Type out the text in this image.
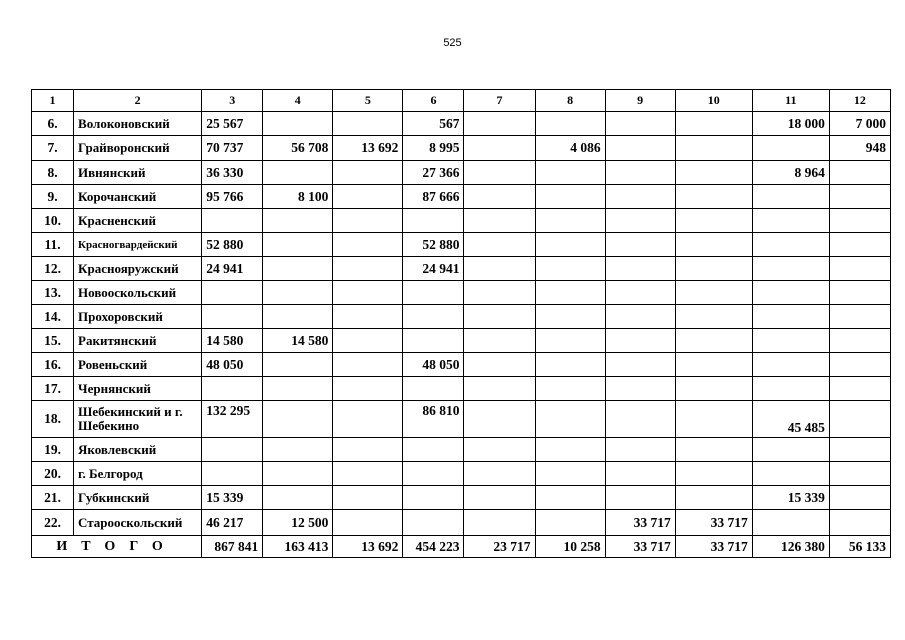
525
1	2	3	4	5	6	7	8	9	10	11	12
6.	Волоконовский	25 567			567					18 000	7 000
7.	Грайворонский	70 737	56 708	13 692	8 995		4 086				948
8.	Ивнянский	36 330			27 366					8 964	
9.	Корочанский	95 766	8 100		87 666						
10.	Красненский										
11.	Красногвардейский	52 880			52 880						
12.	Краснояружский	24 941			24 941						
13.	Новооскольский										
14.	Прохоровский										
15.	Ракитянский	14 580	14 580								
16.	Ровеньский	48 050			48 050						
17.	Чернянский										
18.	Шебекинский и г. Шебекино	132 295			86 810					45 485	
19.	Яковлевский										
20.	г. Белгород										
21.	Губкинский	15 339								15 339	
22.	Старооскольский	46 217	12 500					33 717	33 717		
ИТОГО		867 841	163 413	13 692	454 223	23 717	10 258	33 717	33 717	126 380	56 133
